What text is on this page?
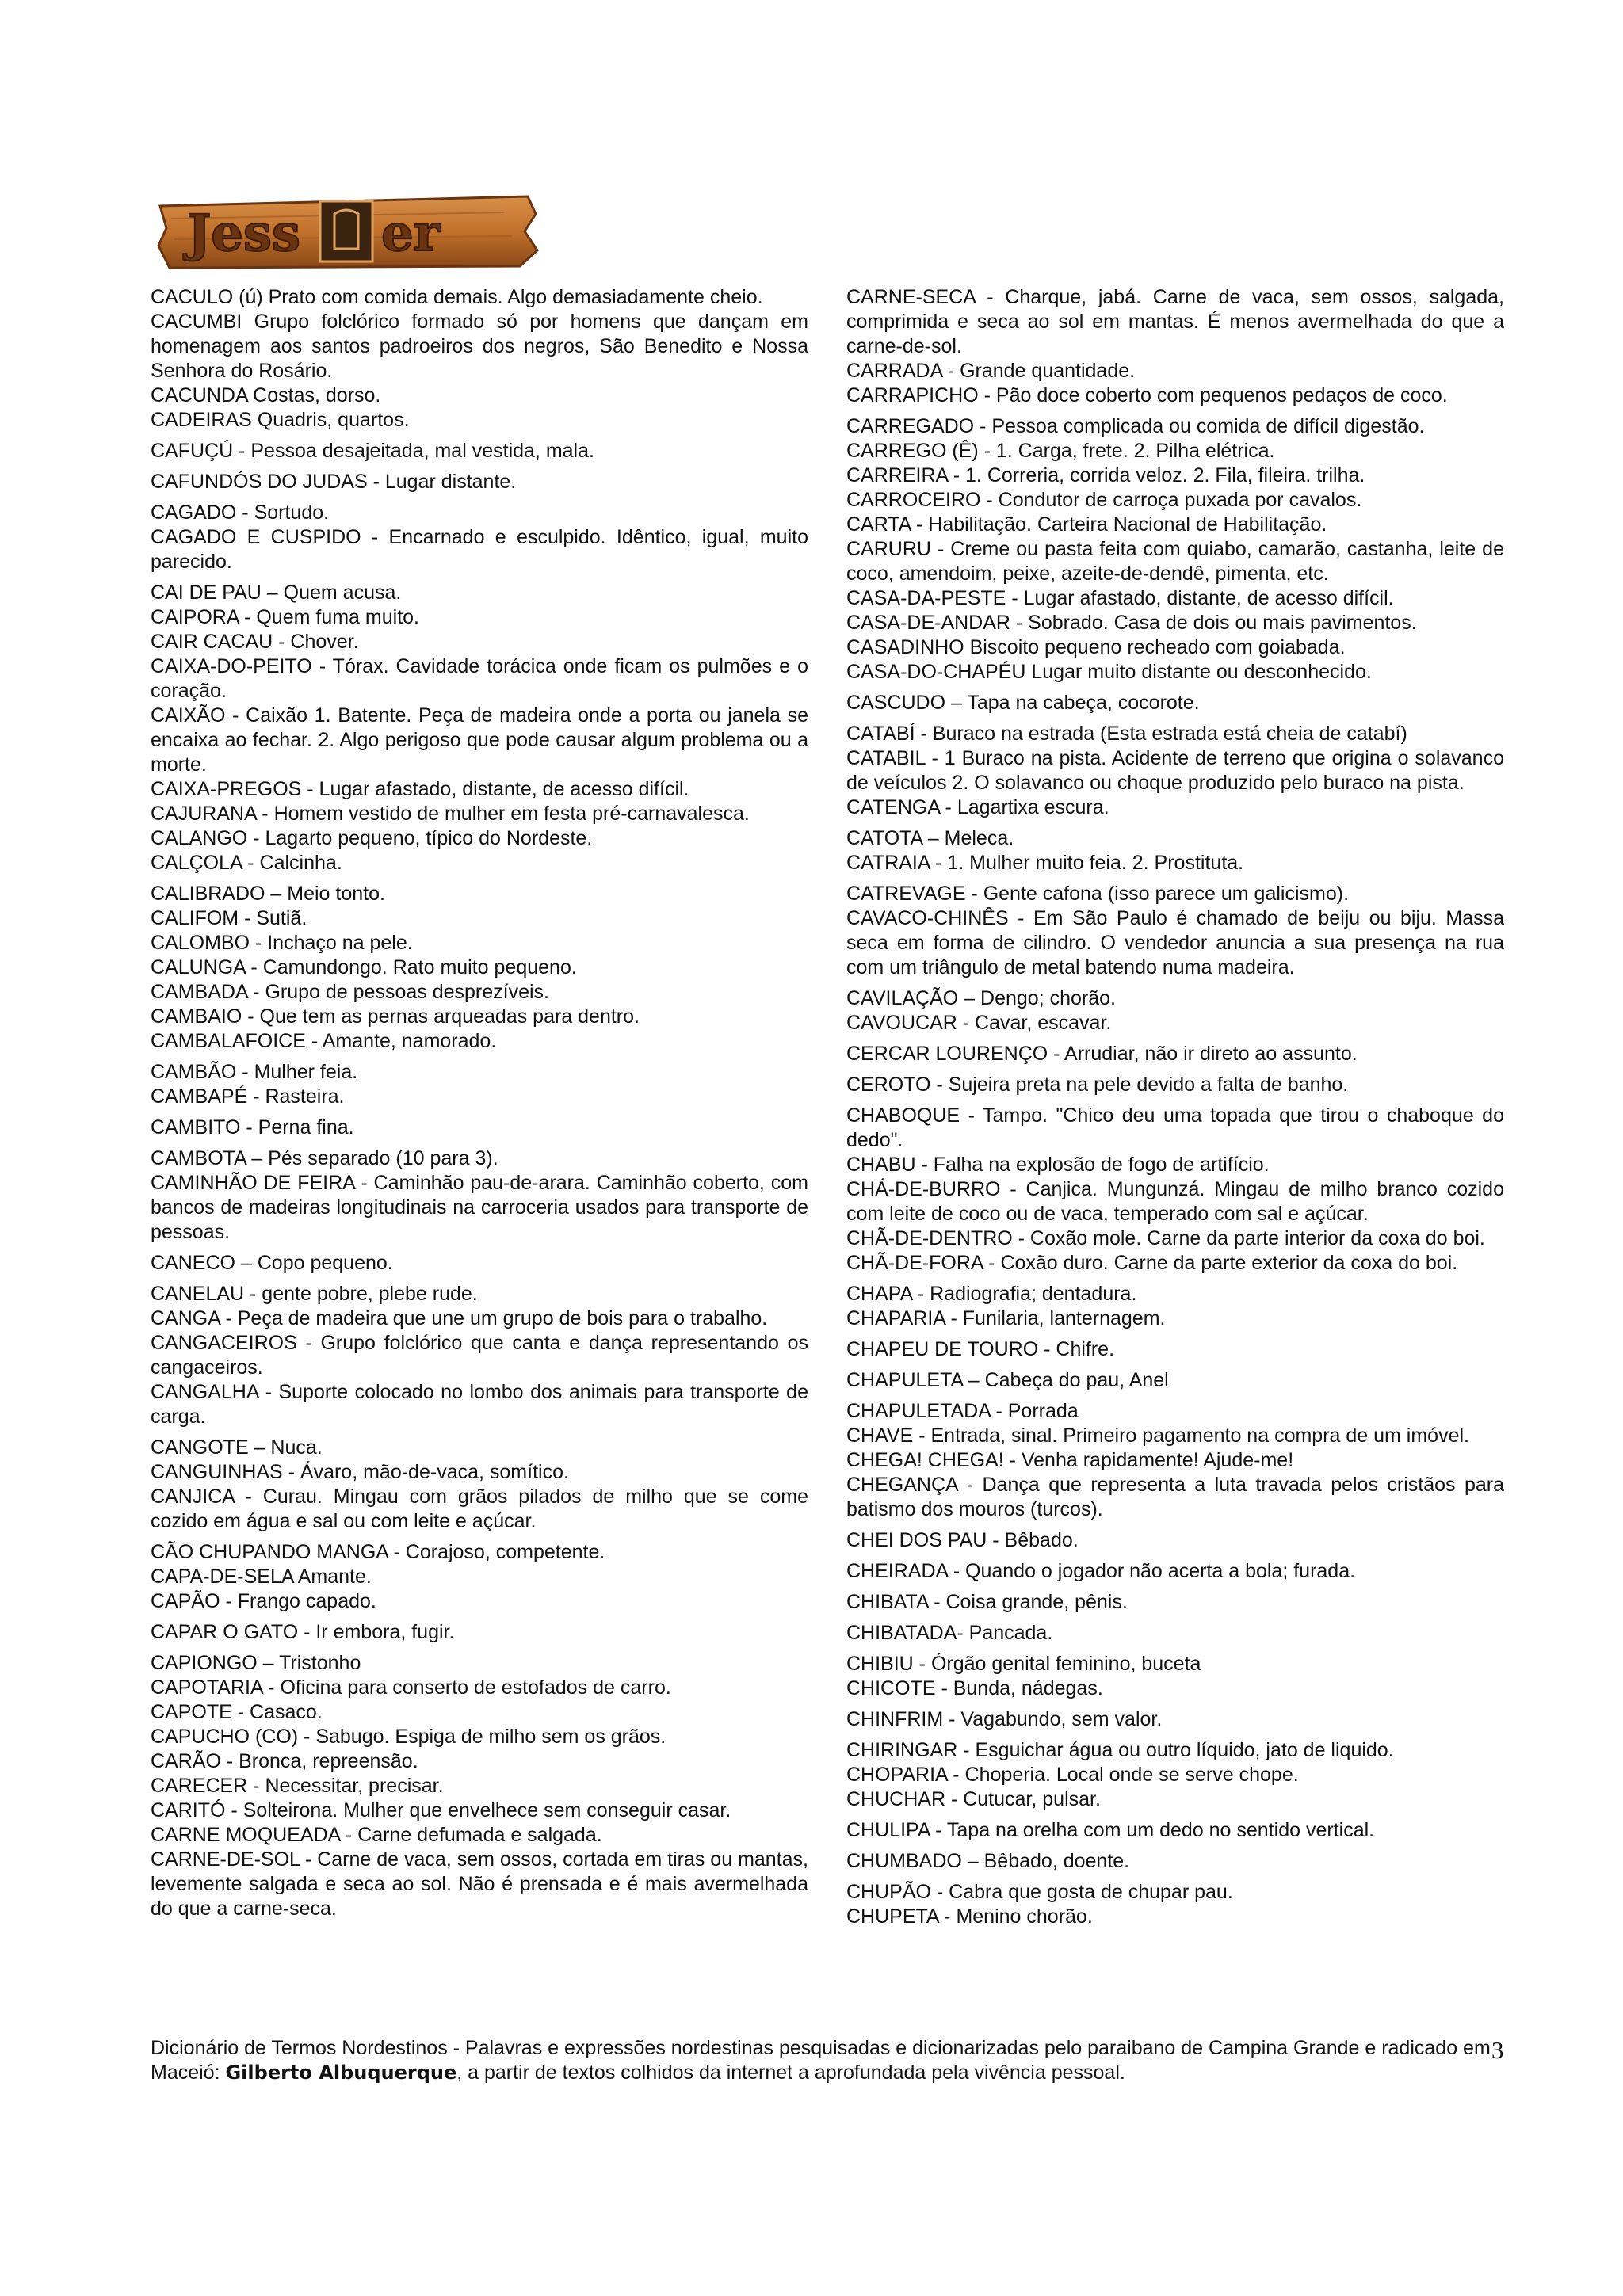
Jess er

CACULO (ú) Prato com comida demais. Algo demasiadamente cheio.

CACUMBI Grupo folclórico formado só por homens que dançam em homenagem aos santos padroeiros dos negros, São Benedito e Nossa Senhora do Rosário.

CACUNDA Costas, dorso.

CADEIRAS Quadris, quartos.

CAFUÇÚ - Pessoa desajeitada, mal vestida, mala.

CAFUNDÓS DO JUDAS - Lugar distante.

CAGADO - Sortudo.

CAGADO E CUSPIDO - Encarnado e esculpido. Idêntico, igual, muito parecido.

CAI DE PAU – Quem acusa.

CAIPORA - Quem fuma muito.

CAIR CACAU - Chover.

CAIXA-DO-PEITO - Tórax. Cavidade torácica onde ficam os pulmões e o coração.

CAIXÃO - Caixão 1. Batente. Peça de madeira onde a porta ou janela se encaixa ao fechar. 2. Algo perigoso que pode causar algum problema ou a morte.

CAIXA-PREGOS - Lugar afastado, distante, de acesso difícil.

CAJURANA - Homem vestido de mulher em festa pré-carnavalesca.

CALANGO - Lagarto pequeno, típico do Nordeste.

CALÇOLA - Calcinha.

CALIBRADO – Meio tonto.

CALIFOM - Sutiã.

CALOMBO - Inchaço na pele.

CALUNGA - Camundongo. Rato muito pequeno.

CAMBADA - Grupo de pessoas desprezíveis.

CAMBAIO - Que tem as pernas arqueadas para dentro.

CAMBALAFOICE - Amante, namorado.

CAMBÃO - Mulher feia.

CAMBAPÉ - Rasteira.

CAMBITO - Perna fina.

CAMBOTA – Pés separado (10 para 3).

CAMINHÃO DE FEIRA - Caminhão pau-de-arara. Caminhão coberto, com bancos de madeiras longitudinais na carroceria usados para transporte de pessoas.

CANECO – Copo pequeno.

CANELAU - gente pobre, plebe rude.

CANGA - Peça de madeira que une um grupo de bois para o trabalho.

CANGACEIROS - Grupo folclórico que canta e dança representando os cangaceiros.

CANGALHA - Suporte colocado no lombo dos animais para transporte de carga.

CANGOTE – Nuca.

CANGUINHAS - Ávaro, mão-de-vaca, somítico.

CANJICA - Curau. Mingau com grãos pilados de milho que se come cozido em água e sal ou com leite e açúcar.

CÃO CHUPANDO MANGA - Corajoso, competente.

CAPA-DE-SELA Amante.

CAPÃO - Frango capado.

CAPAR O GATO - Ir embora, fugir.

CAPIONGO – Tristonho

CAPOTARIA - Oficina para conserto de estofados de carro.

CAPOTE - Casaco.

CAPUCHO (CO) - Sabugo. Espiga de milho sem os grãos.

CARÃO - Bronca, repreensão.

CARECER - Necessitar, precisar.

CARITÓ - Solteirona. Mulher que envelhece sem conseguir casar.

CARNE MOQUEADA - Carne defumada e salgada.

CARNE-DE-SOL - Carne de vaca, sem ossos, cortada em tiras ou mantas, levemente salgada e seca ao sol. Não é prensada e é mais avermelhada do que a carne-seca.

CARNE-SECA - Charque, jabá. Carne de vaca, sem ossos, salgada, comprimida e seca ao sol em mantas. É menos avermelhada do que a carne-de-sol.

CARRADA - Grande quantidade.

CARRAPICHO - Pão doce coberto com pequenos pedaços de coco.

CARREGADO - Pessoa complicada ou comida de difícil digestão.

CARREGO (Ê) - 1. Carga, frete. 2. Pilha elétrica.

CARREIRA - 1. Correria, corrida veloz. 2. Fila, fileira. trilha.

CARROCEIRO - Condutor de carroça puxada por cavalos.

CARTA - Habilitação. Carteira Nacional de Habilitação.

CARURU - Creme ou pasta feita com quiabo, camarão, castanha, leite de coco, amendoim, peixe, azeite-de-dendê, pimenta, etc.

CASA-DA-PESTE - Lugar afastado, distante, de acesso difícil.

CASA-DE-ANDAR - Sobrado. Casa de dois ou mais pavimentos.

CASADINHO Biscoito pequeno recheado com goiabada.

CASA-DO-CHAPÉU Lugar muito distante ou desconhecido.

CASCUDO – Tapa na cabeça, cocorote.

CATABÍ - Buraco na estrada (Esta estrada está cheia de catabí)

CATABIL - 1 Buraco na pista. Acidente de terreno que origina o solavanco de veículos 2. O solavanco ou choque produzido pelo buraco na pista.

CATENGA - Lagartixa escura.

CATOTA – Meleca.

CATRAIA - 1. Mulher muito feia. 2. Prostituta.

CATREVAGE - Gente cafona (isso parece um galicismo).

CAVACO-CHINÊS - Em São Paulo é chamado de beiju ou biju. Massa seca em forma de cilindro. O vendedor anuncia a sua presença na rua com um triângulo de metal batendo numa madeira.

CAVILAÇÃO – Dengo; chorão.

CAVOUCAR - Cavar, escavar.

CERCAR LOURENÇO - Arrudiar, não ir direto ao assunto.

CEROTO - Sujeira preta na pele devido a falta de banho.

CHABOQUE - Tampo. "Chico deu uma topada que tirou o chaboque do dedo".

CHABU - Falha na explosão de fogo de artifício.

CHÁ-DE-BURRO - Canjica. Mungunzá. Mingau de milho branco cozido com leite de coco ou de vaca, temperado com sal e açúcar.

CHÃ-DE-DENTRO - Coxão mole. Carne da parte interior da coxa do boi.

CHÃ-DE-FORA - Coxão duro. Carne da parte exterior da coxa do boi.

CHAPA - Radiografia; dentadura.

CHAPARIA - Funilaria, lanternagem.

CHAPEU DE TOURO - Chifre.

CHAPULETA – Cabeça do pau, Anel

CHAPULETADA - Porrada

CHAVE - Entrada, sinal. Primeiro pagamento na compra de um imóvel.

CHEGA! CHEGA! - Venha rapidamente! Ajude-me!

CHEGANÇA - Dança que representa a luta travada pelos cristãos para batismo dos mouros (turcos).

CHEI DOS PAU - Bêbado.

CHEIRADA - Quando o jogador não acerta a bola; furada.

CHIBATA - Coisa grande, pênis.

CHIBATADA- Pancada.

CHIBIU - Órgão genital feminino, buceta

CHICOTE - Bunda, nádegas.

CHINFRIM - Vagabundo, sem valor.

CHIRINGAR - Esguichar água ou outro líquido, jato de liquido.

CHOPARIA - Choperia. Local onde se serve chope.

CHUCHAR - Cutucar, pulsar.

CHULIPA - Tapa na orelha com um dedo no sentido vertical.

CHUMBADO – Bêbado, doente.

CHUPÃO - Cabra que gosta de chupar pau.

CHUPETA - Menino chorão.

Dicionário de Termos Nordestinos - Palavras e expressões nordestinas pesquisadas e dicionarizadas pelo paraibano de Campina Grande e radicado em Maceió: Gilberto Albuquerque, a partir de textos colhidos da internet a aprofundada pela vivência pessoal.
3
